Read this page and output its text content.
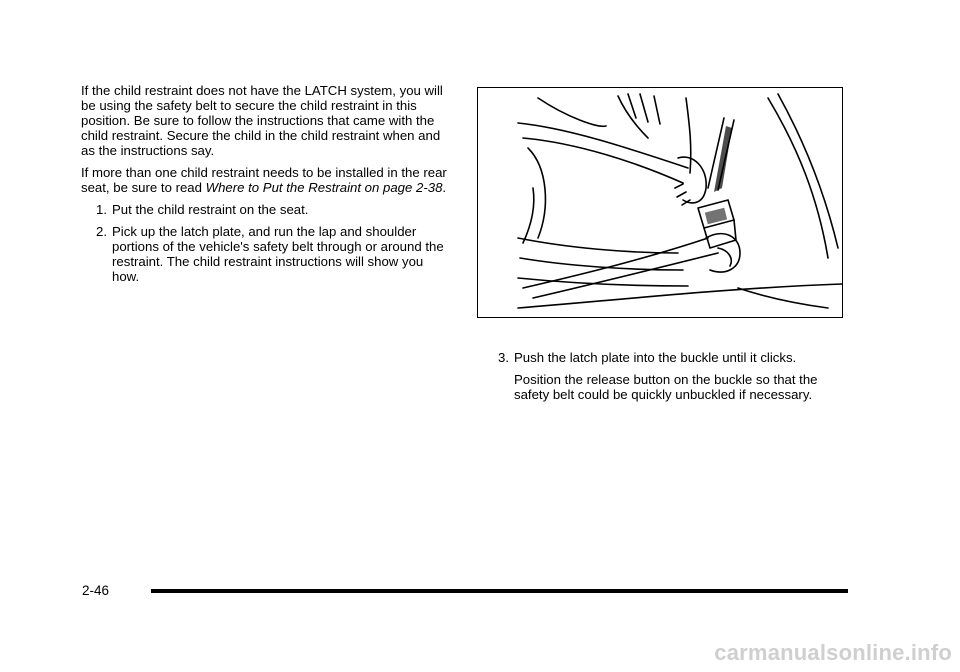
If the child restraint does not have the LATCH system, you will be using the safety belt to secure the child restraint in this position. Be sure to follow the instructions that came with the child restraint. Secure the child in the child restraint when and as the instructions say.

If more than one child restraint needs to be installed in the rear seat, be sure to read Where to Put the Restraint on page 2-38.

1. Put the child restraint on the seat.
2. Pick up the latch plate, and run the lap and shoulder portions of the vehicle's safety belt through or around the restraint. The child restraint instructions will show you how.
3. Push the latch plate into the buckle until it clicks.

Position the release button on the buckle so that the safety belt could be quickly unbuckled if necessary.

2-46
carmanualsonline.info
